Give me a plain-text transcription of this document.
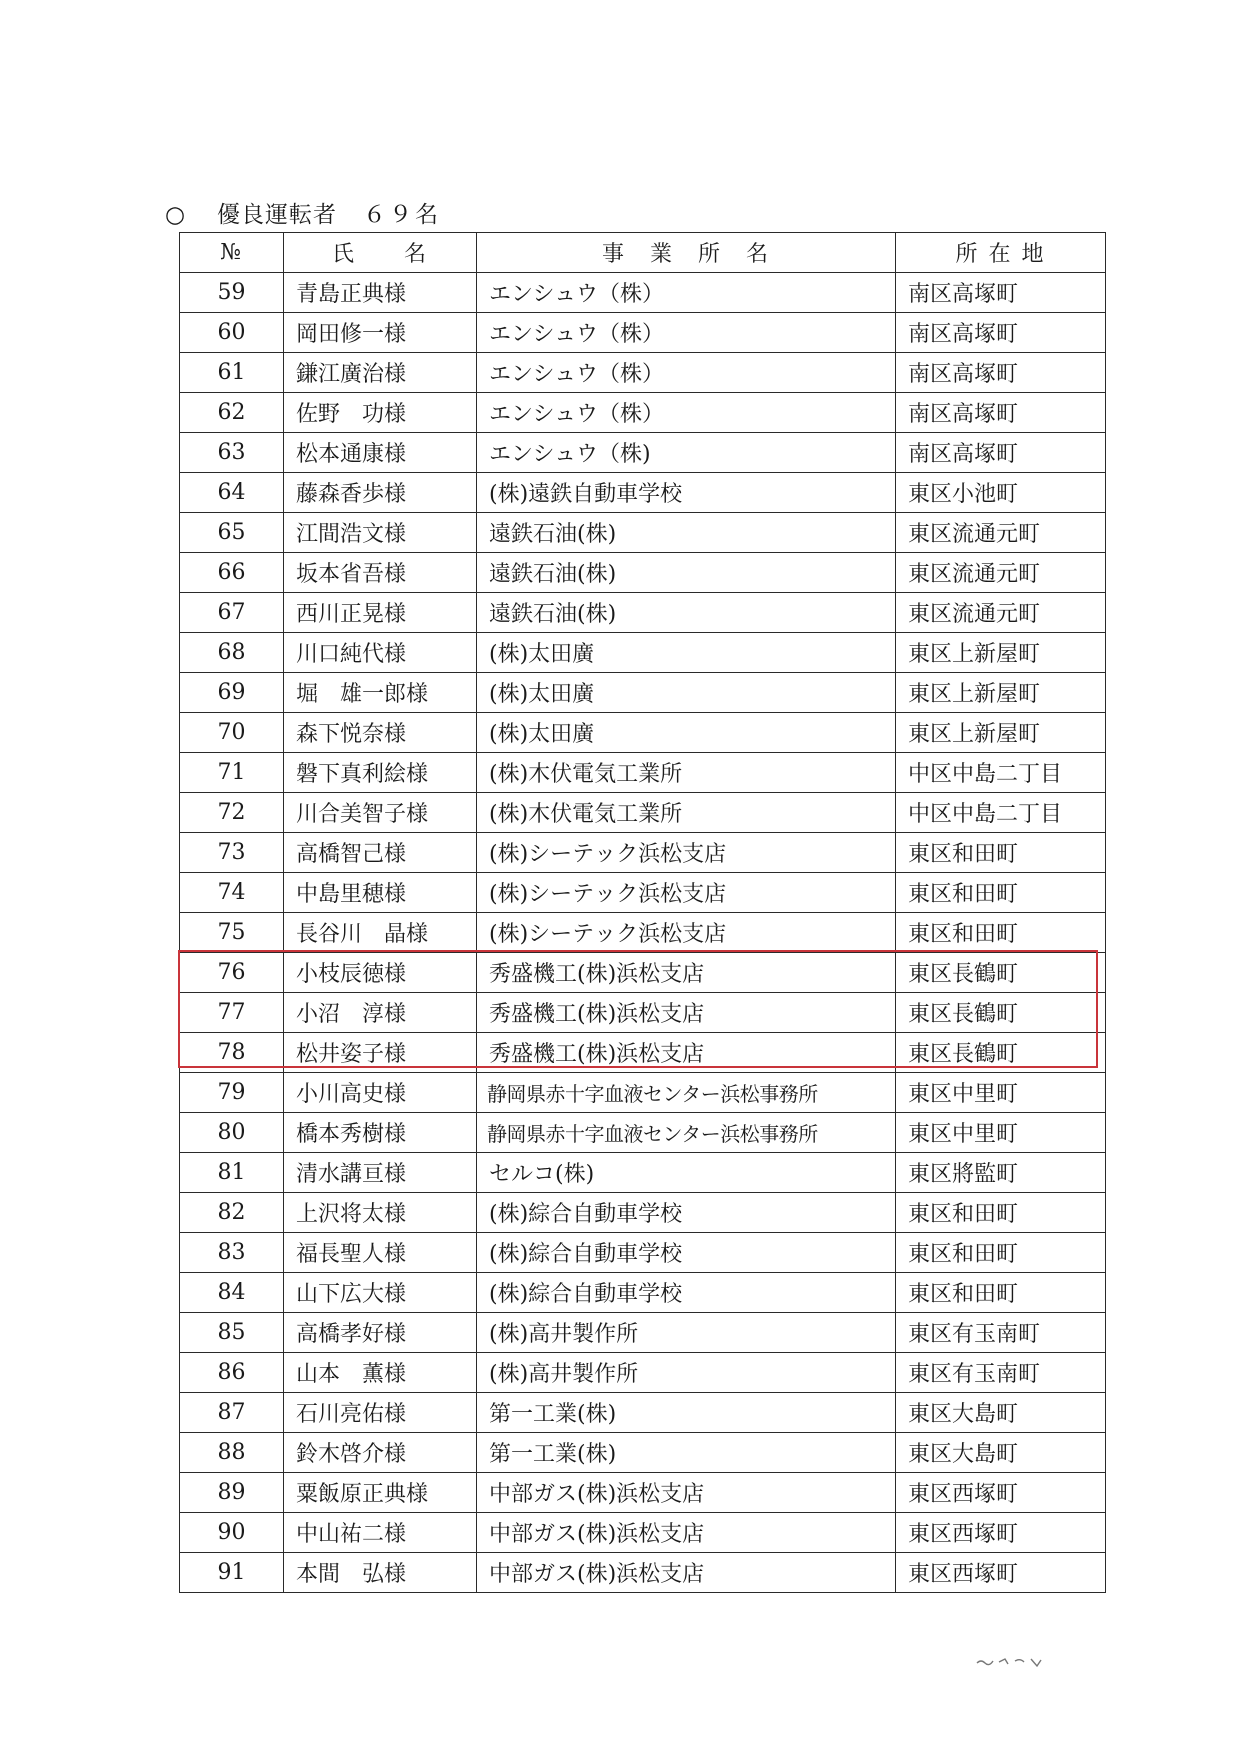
○ 優良運転者 ６９名
№	氏　　名	事　業　所　名	所 在 地
59	青島正典様	エンシュウ（株）	南区高塚町
60	岡田修一様	エンシュウ（株）	南区高塚町
61	鎌江廣治様	エンシュウ（株）	南区高塚町
62	佐野　功様	エンシュウ（株）	南区高塚町
63	松本通康様	エンシュウ（株)	南区高塚町
64	藤森香歩様	(株)遠鉄自動車学校	東区小池町
65	江間浩文様	遠鉄石油(株)	東区流通元町
66	坂本省吾様	遠鉄石油(株)	東区流通元町
67	西川正晃様	遠鉄石油(株)	東区流通元町
68	川口純代様	(株)太田廣	東区上新屋町
69	堀　雄一郎様	(株)太田廣	東区上新屋町
70	森下悦奈様	(株)太田廣	東区上新屋町
71	磐下真利絵様	(株)木伏電気工業所	中区中島二丁目
72	川合美智子様	(株)木伏電気工業所	中区中島二丁目
73	高橋智己様	(株)シーテック浜松支店	東区和田町
74	中島里穂様	(株)シーテック浜松支店	東区和田町
75	長谷川　晶様	(株)シーテック浜松支店	東区和田町
76	小枝辰徳様	秀盛機工(株)浜松支店	東区長鶴町
77	小沼　淳様	秀盛機工(株)浜松支店	東区長鶴町
78	松井姿子様	秀盛機工(株)浜松支店	東区長鶴町
79	小川高史様	静岡県赤十字血液センター浜松事務所	東区中里町
80	橋本秀樹様	静岡県赤十字血液センター浜松事務所	東区中里町
81	清水講亘様	セルコ(株)	東区將監町
82	上沢将太様	(株)綜合自動車学校	東区和田町
83	福長聖人様	(株)綜合自動車学校	東区和田町
84	山下広大様	(株)綜合自動車学校	東区和田町
85	高橋孝好様	(株)高井製作所	東区有玉南町
86	山本　薫様	(株)高井製作所	東区有玉南町
87	石川亮佑様	第一工業(株)	東区大島町
88	鈴木啓介様	第一工業(株)	東区大島町
89	粟飯原正典様	中部ガス(株)浜松支店	東区西塚町
90	中山祐二様	中部ガス(株)浜松支店	東区西塚町
91	本間　弘様	中部ガス(株)浜松支店	東区西塚町
